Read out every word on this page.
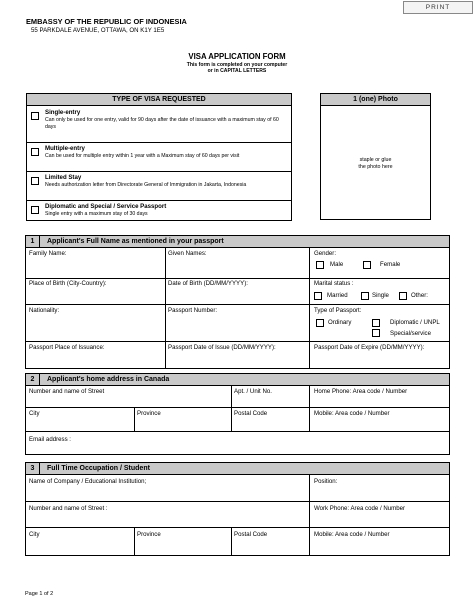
PRINT
EMBASSY OF THE REPUBLIC OF INDONESIA
55 PARKDALE AVENUE, OTTAWA, ON K1Y 1E5
VISA APPLICATION FORM
This form is completed on your computer
or in CAPITAL LETTERS
TYPE OF VISA REQUESTED
Single-entry
Can only be used for one entry, valid for 90 days after the date of issuance with a maximum stay of 60 days
Multiple-entry
Can be used for multiple entry within 1 year with a Maximum stay of 60 days per visit
Limited Stay
Needs authorization letter from Directorate General of Immigration in Jakarta, Indonesia
Diplomatic and Special / Service Passport
Single entry with a maximum stay of 30 days
1 (one) Photo
staple or glue
the photo here
1	Applicant's Full Name as mentioned in your passport
Family Name:	Given Names:	Gender:
Male	Female
Place of Birth (City-Country):	Date of Birth (DD/MM/YYYY):	Marital status :
Married	Single	Other:
Nationality:	Passport Number:	Type of Passport:
Ordinary	Diplomatic / UNPL
Special/service
Passport Place of Issuance:	Passport Date of Issue (DD/MM/YYYY):	Passport Date of Expire (DD/MM/YYYY):
2	Applicant's home address in Canada
Number and name of Street	Apt. / Unit No.	Home Phone: Area code / Number
City	Province	Postal Code	Mobile: Area code / Number
Email address :
3	Full Time Occupation / Student
Name of Company / Educational Institution;	Position:
Number and name of Street :	Work Phone: Area code / Number
City	Province	Postal Code	Mobile: Area code / Number
Page 1 of 2
